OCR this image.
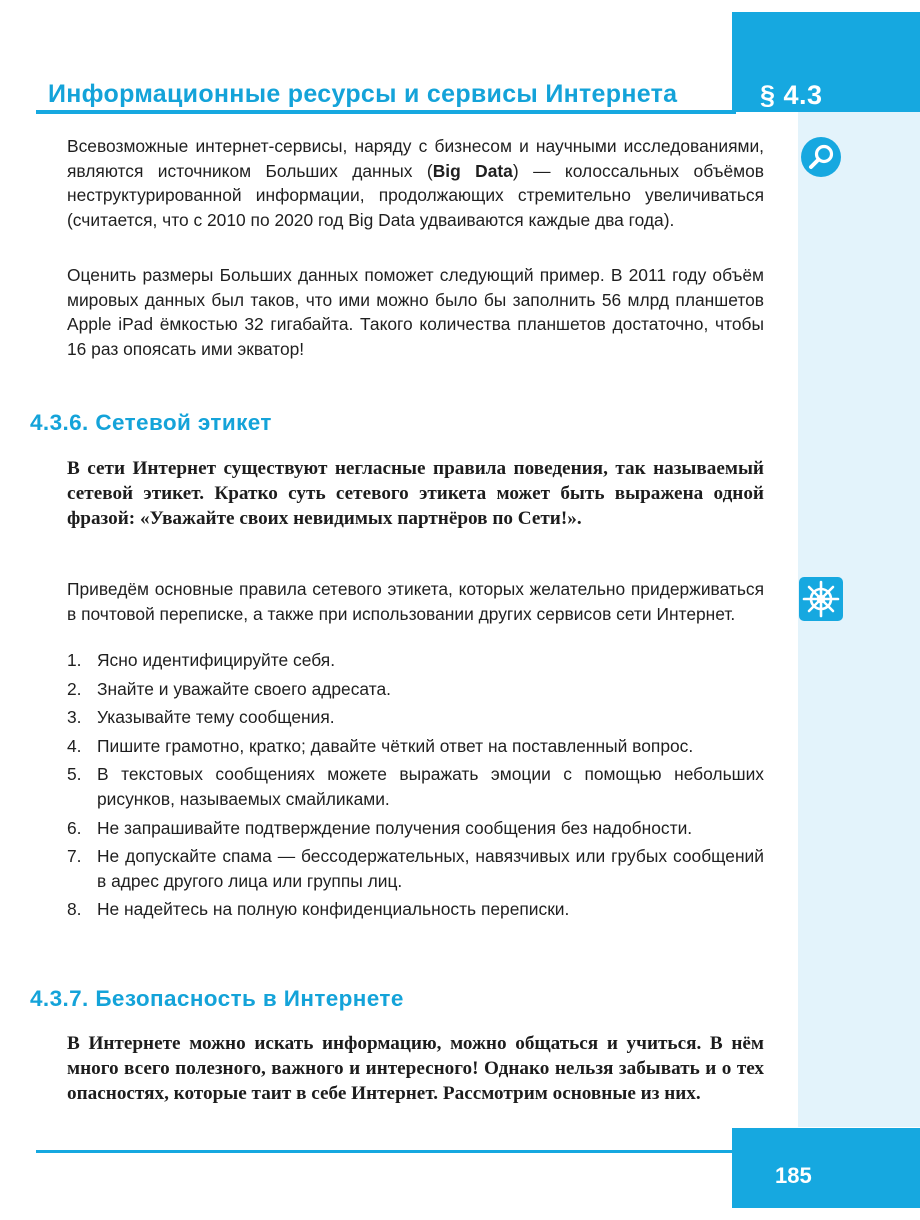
§ 4.3
Информационные ресурсы и сервисы Интернета
Всевозможные интернет-сервисы, наряду с бизнесом и научными исследованиями, являются источником Больших данных (Big Data) — колоссальных объёмов неструктурированной информации, продолжающих стремительно увеличиваться (считается, что с 2010 по 2020 год Big Data удваиваются каждые два года).
Оценить размеры Больших данных поможет следующий пример. В 2011 году объём мировых данных был таков, что ими можно было бы заполнить 56 млрд планшетов Apple iPad ёмкостью 32 гигабайта. Такого количества планшетов достаточно, чтобы 16 раз опоясать ими экватор!
4.3.6. Сетевой этикет
В сети Интернет существуют негласные правила поведения, так называемый сетевой этикет. Кратко суть сетевого этикета может быть выражена одной фразой: «Уважайте своих невидимых партнёров по Сети!».
Приведём основные правила сетевого этикета, которых желательно придерживаться в почтовой переписке, а также при использовании других сервисов сети Интернет.
1. Ясно идентифицируйте себя.
2. Знайте и уважайте своего адресата.
3. Указывайте тему сообщения.
4. Пишите грамотно, кратко; давайте чёткий ответ на поставленный вопрос.
5. В текстовых сообщениях можете выражать эмоции с помощью небольших рисунков, называемых смайликами.
6. Не запрашивайте подтверждение получения сообщения без надобности.
7. Не допускайте спама — бессодержательных, навязчивых или грубых сообщений в адрес другого лица или группы лиц.
8. Не надейтесь на полную конфиденциальность переписки.
4.3.7. Безопасность в Интернете
В Интернете можно искать информацию, можно общаться и учиться. В нём много всего полезного, важного и интересного! Однако нельзя забывать и о тех опасностях, которые таит в себе Интернет. Рассмотрим основные из них.
185
